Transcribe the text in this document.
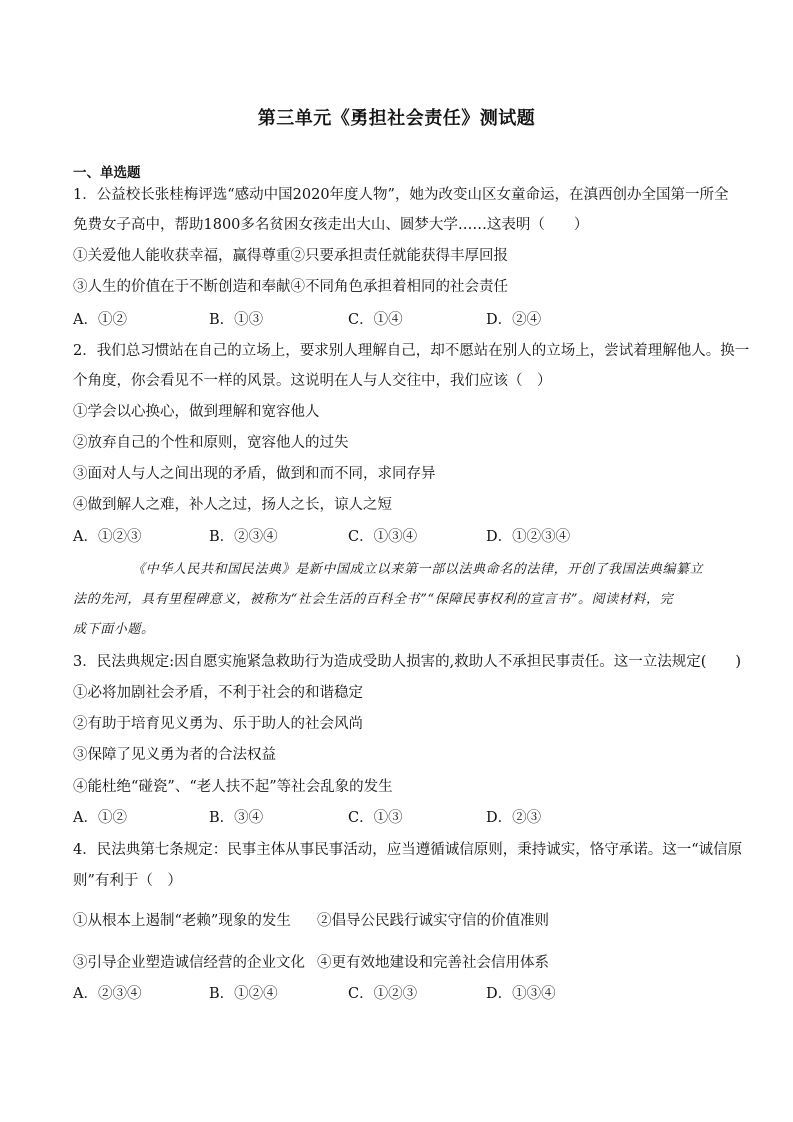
第三单元《勇担社会责任》测试题
一、单选题
1．公益校长张桂梅评选“感动中国2020年度人物”，她为改变山区女童命运，在滇西创办全国第一所全
免费女子高中，帮助1800多名贫困女孩走出大山、圆梦大学……这表明（　　）
①关爱他人能收获幸福，赢得尊重②只要承担责任就能获得丰厚回报
③人生的价值在于不断创造和奉献④不同角色承担着相同的社会责任
A．①②	B．①③	C．①④	D．②④
2．我们总习惯站在自己的立场上，要求别人理解自己，却不愿站在别人的立场上，尝试着理解他人。换一
个角度，你会看见不一样的风景。这说明在人与人交往中，我们应该（　）
①学会以心换心，做到理解和宽容他人
②放弃自己的个性和原则，宽容他人的过失
③面对人与人之间出现的矛盾，做到和而不同，求同存异
④做到解人之难，补人之过，扬人之长，谅人之短
A．①②③	B．②③④	C．①③④	D．①②③④
《中华人民共和国民法典》是新中国成立以来第一部以法典命名的法律，开创了我国法典编纂立
法的先河，具有里程碑意义，被称为“社会生活的百科全书”“保障民事权利的宣言书”。阅读材料，完
成下面小题。
3．民法典规定:因自愿实施紧急救助行为造成受助人损害的,救助人不承担民事责任。这一立法规定(　　)
①必将加剧社会矛盾，不利于社会的和谐稳定
②有助于培育见义勇为、乐于助人的社会风尚
③保障了见义勇为者的合法权益
④能杜绝“碰瓷”、“老人扶不起”等社会乱象的发生
A．①②	B．③④	C．①③	D．②③
4．民法典第七条规定：民事主体从事民事活动，应当遵循诚信原则，秉持诚实，恪守承诺。这一“诚信原
则”有利于（　）
①从根本上遏制“老赖”现象的发生 ②倡导公民践行诚实守信的价值准则
③引导企业塑造诚信经营的企业文化 ④更有效地建设和完善社会信用体系
A．②③④	B．①②④	C．①②③	D．①③④
